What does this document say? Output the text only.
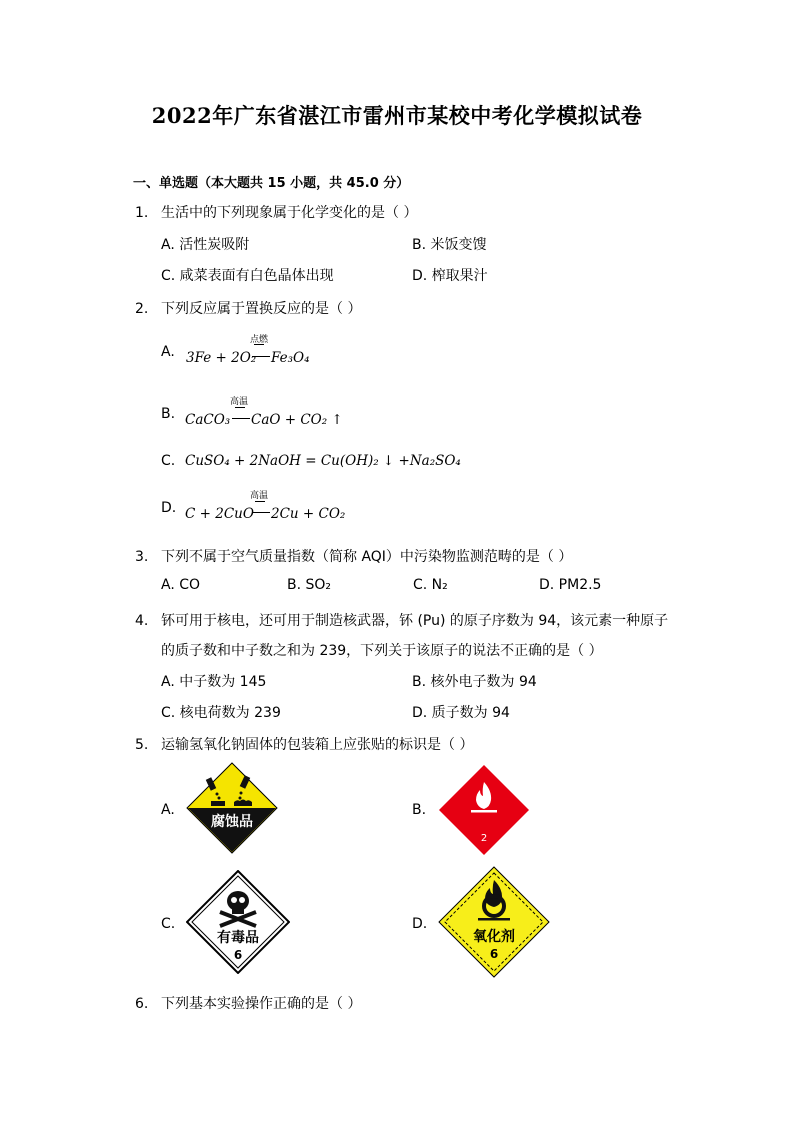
2022年广东省湛江市雷州市某校中考化学模拟试卷
一、单选题（本大题共 15 小题，共 45.0 分）
1. 生活中的下列现象属于化学变化的是（ ）
A. 活性炭吸附	B. 米饭变馊
C. 咸菜表面有白色晶体出现	D. 榨取果汁
2. 下列反应属于置换反应的是（ ）
A.
点燃
3Fe + 2O₂ Fe₃O₄
B.
高温
CaCO₃ CaO + CO₂ ↑
C. CuSO₄ + 2NaOH = Cu(OH)₂ ↓ +Na₂SO₄
D.
高温
C + 2CuO 2Cu + CO₂
3. 下列不属于空气质量指数（简称 AQI）中污染物监测范畴的是（ ）
A. CO	B. SO₂	C. N₂	D. PM2.5
4. 钚可用于核电，还可用于制造核武器，钚 (Pu) 的原子序数为 94，该元素一种原子
的质子数和中子数之和为 239，下列关于该原子的说法不正确的是（ ）
A. 中子数为 145	B. 核外电子数为 94
C. 核电荷数为 239	D. 质子数为 94
5. 运输氢氧化钠固体的包装箱上应张贴的标识是（ ）
A.
腐蚀品
B.
2
C.
有毒品
6
D.
氧化剂
6
6. 下列基本实验操作正确的是（ ）
